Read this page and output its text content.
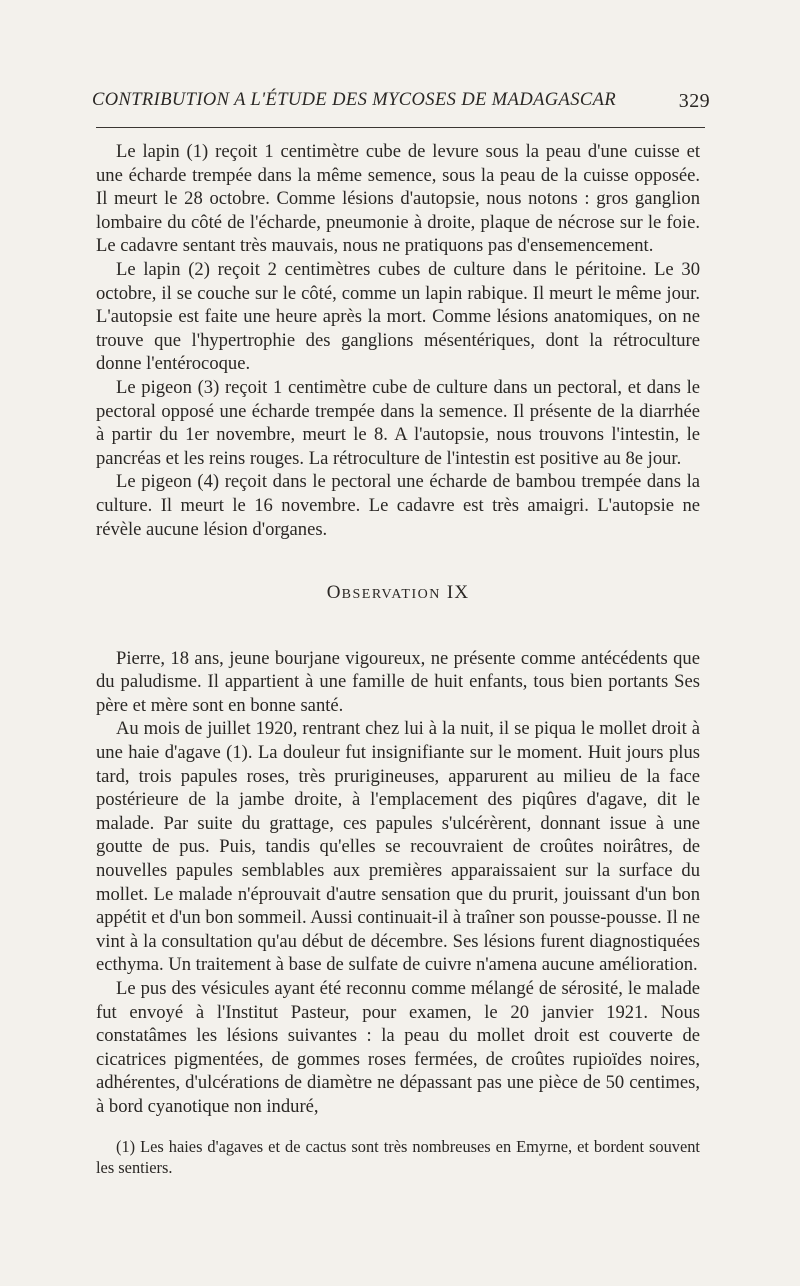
CONTRIBUTION A L'ÉTUDE DES MYCOSES DE MADAGASCAR	329

Le lapin (1) reçoit 1 centimètre cube de levure sous la peau d'une cuisse et une écharde trempée dans la même semence, sous la peau de la cuisse opposée. Il meurt le 28 octobre. Comme lésions d'autopsie, nous notons : gros ganglion lombaire du côté de l'écharde, pneumonie à droite, plaque de nécrose sur le foie. Le cadavre sentant très mauvais, nous ne pratiquons pas d'ensemencement.

Le lapin (2) reçoit 2 centimètres cubes de culture dans le péritoine. Le 30 octobre, il se couche sur le côté, comme un lapin rabique. Il meurt le même jour. L'autopsie est faite une heure après la mort. Comme lésions anatomiques, on ne trouve que l'hypertrophie des ganglions mésentériques, dont la rétroculture donne l'entérocoque.

Le pigeon (3) reçoit 1 centimètre cube de culture dans un pectoral, et dans le pectoral opposé une écharde trempée dans la semence. Il présente de la diarrhée à partir du 1er novembre, meurt le 8. A l'autopsie, nous trouvons l'intestin, le pancréas et les reins rouges. La rétroculture de l'intestin est positive au 8e jour.

Le pigeon (4) reçoit dans le pectoral une écharde de bambou trempée dans la culture. Il meurt le 16 novembre. Le cadavre est très amaigri. L'autopsie ne révèle aucune lésion d'organes.

OBSERVATION IX

Pierre, 18 ans, jeune bourjane vigoureux, ne présente comme antécédents que du paludisme. Il appartient à une famille de huit enfants, tous bien portants Ses père et mère sont en bonne santé.

Au mois de juillet 1920, rentrant chez lui à la nuit, il se piqua le mollet droit à une haie d'agave (1). La douleur fut insignifiante sur le moment. Huit jours plus tard, trois papules roses, très prurigineuses, apparurent au milieu de la face postérieure de la jambe droite, à l'emplacement des piqûres d'agave, dit le malade. Par suite du grattage, ces papules s'ulcérèrent, donnant issue à une goutte de pus. Puis, tandis qu'elles se recouvraient de croûtes noirâtres, de nouvelles papules semblables aux premières apparaissaient sur la surface du mollet. Le malade n'éprouvait d'autre sensation que du prurit, jouissant d'un bon appétit et d'un bon sommeil. Aussi continuait-il à traîner son pousse-pousse. Il ne vint à la consultation qu'au début de décembre. Ses lésions furent diagnostiquées ecthyma. Un traitement à base de sulfate de cuivre n'amena aucune amélioration.

Le pus des vésicules ayant été reconnu comme mélangé de sérosité, le malade fut envoyé à l'Institut Pasteur, pour examen, le 20 janvier 1921. Nous constatâmes les lésions suivantes : la peau du mollet droit est couverte de cicatrices pigmentées, de gommes roses fermées, de croûtes rupioïdes noires, adhérentes, d'ulcérations de diamètre ne dépassant pas une pièce de 50 centimes, à bord cyanotique non induré,

(1) Les haies d'agaves et de cactus sont très nombreuses en Emyrne, et bordent souvent les sentiers.
